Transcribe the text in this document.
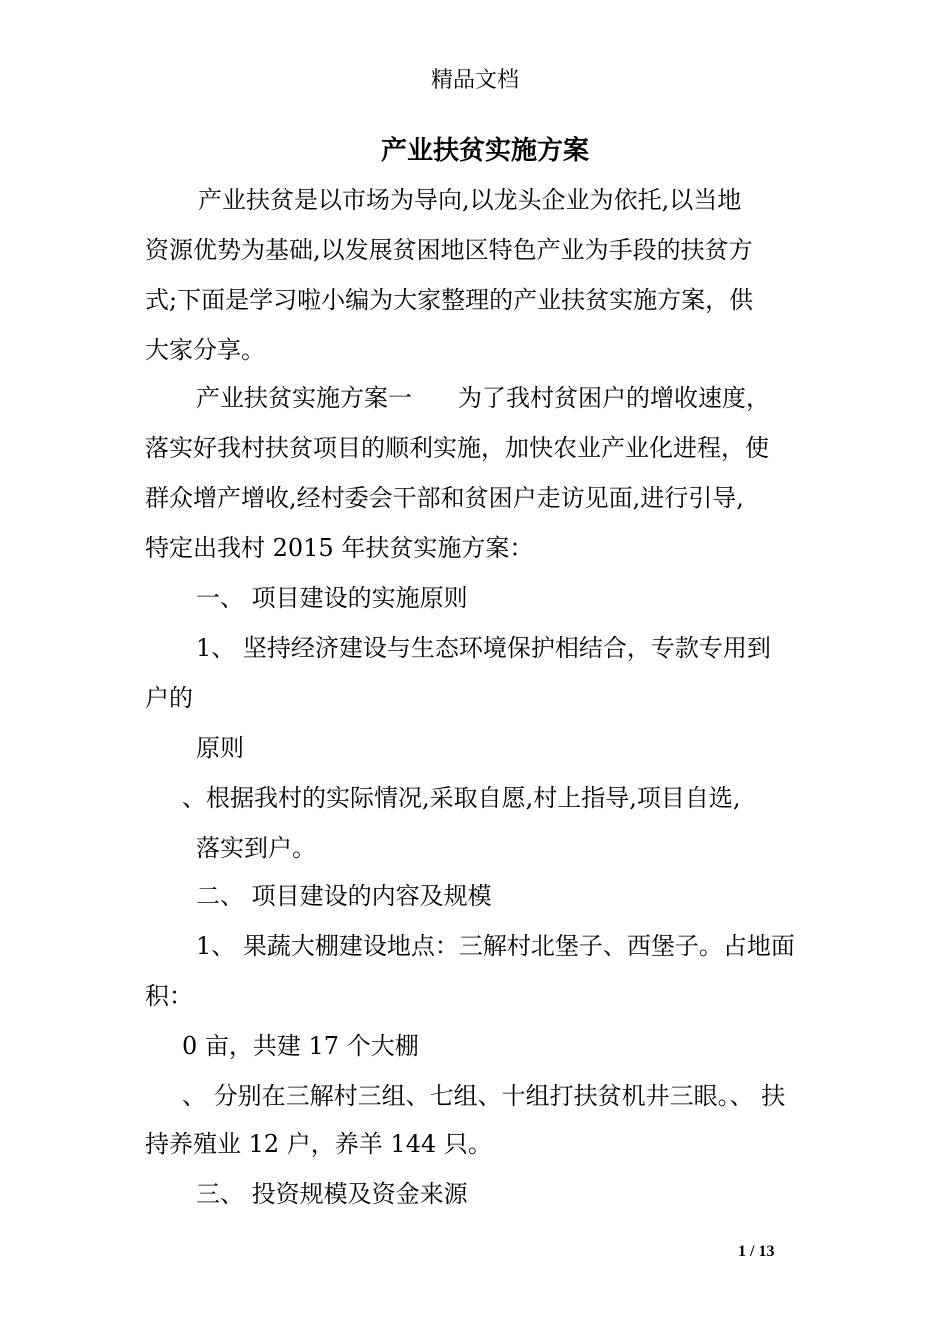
精品文档
产业扶贫实施方案
产业扶贫是以市场为导向,以龙头企业为依托,以当地
资源优势为基础,以发展贫困地区特色产业为手段的扶贫方
式;下面是学习啦小编为大家整理的产业扶贫实施方案，供
大家分享。
产业扶贫实施方案一 为了我村贫困户的增收速度，
落实好我村扶贫项目的顺利实施，加快农业产业化进程，使
群众增产增收,经村委会干部和贫困户走访见面,进行引导,
特定出我村 2015 年扶贫实施方案：
一、 项目建设的实施原则
1、 坚持经济建设与生态环境保护相结合，专款专用到
户的
原则
、根据我村的实际情况,采取自愿,村上指导,项目自选,
落实到户。
二、 项目建设的内容及规模
1、 果蔬大棚建设地点：三解村北堡子、西堡子。占地面
积：
0 亩，共建 17 个大棚
、 分别在三解村三组、七组、十组打扶贫机井三眼。、 扶
持养殖业 12 户，养羊 144 只。
三、 投资规模及资金来源
1 / 13
